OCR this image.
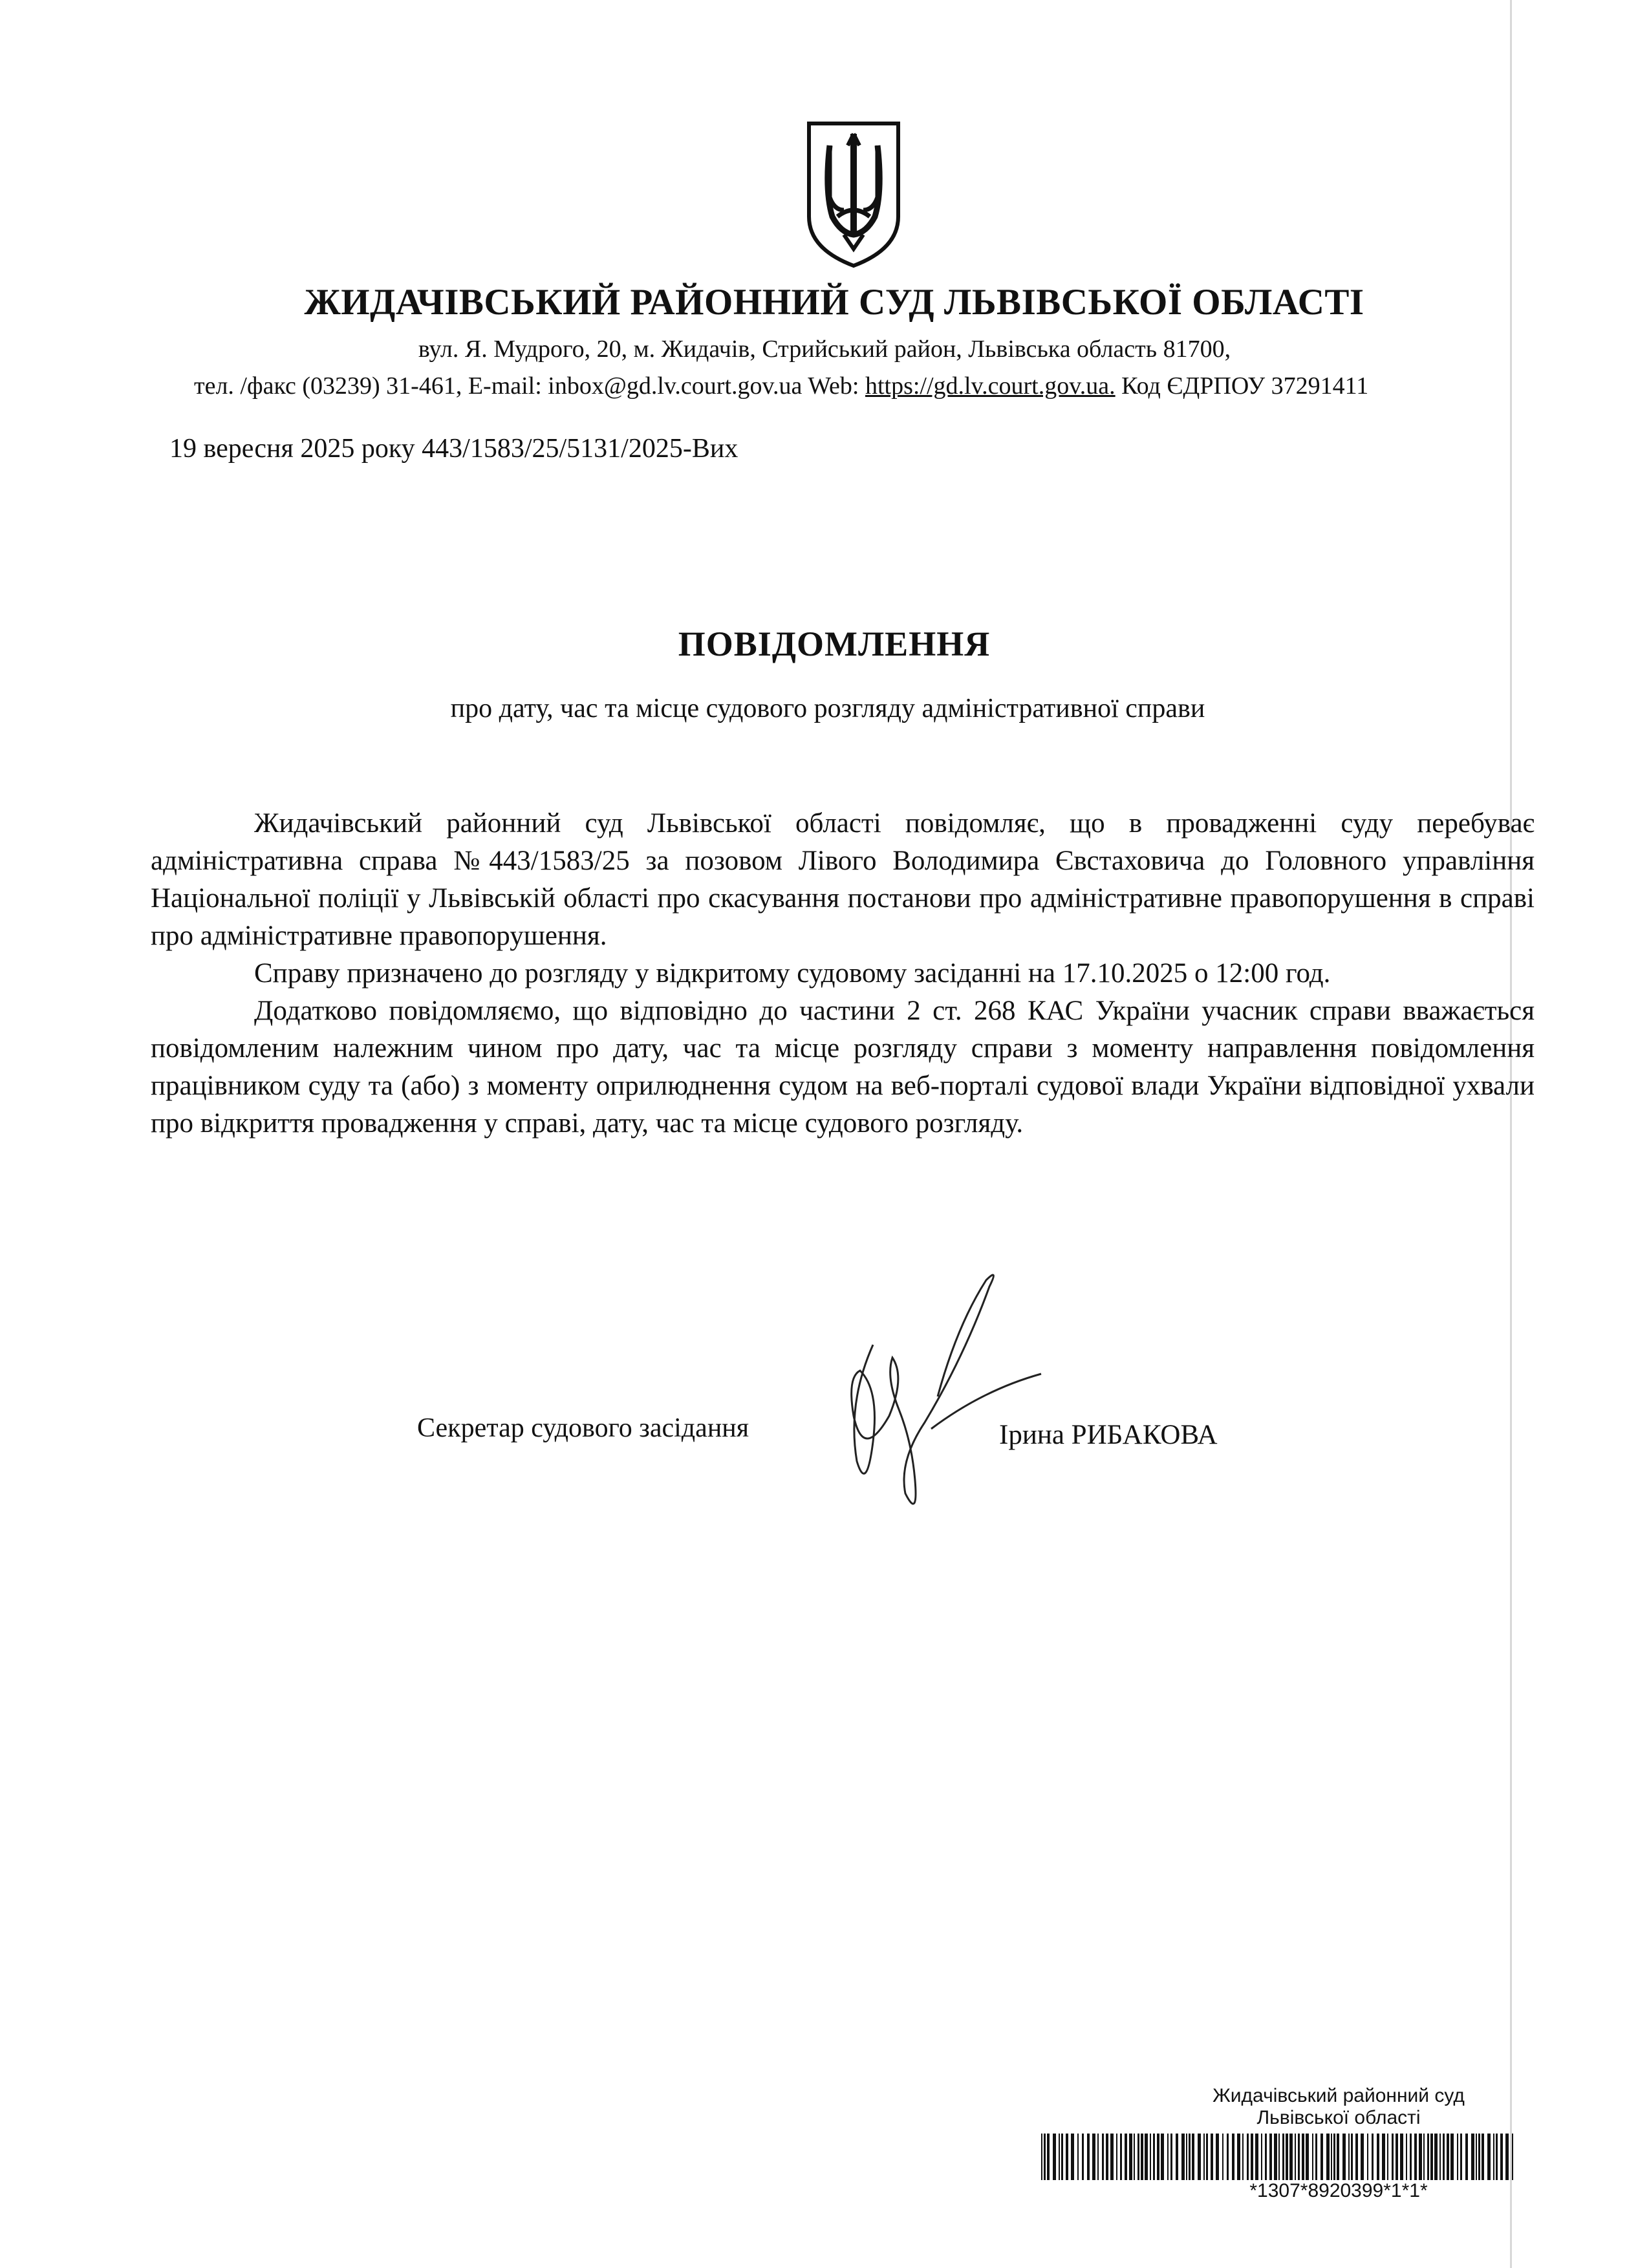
ЖИДАЧІВСЬКИЙ РАЙОННИЙ СУД ЛЬВІВСЬКОЇ ОБЛАСТІ
вул. Я. Мудрого, 20, м. Жидачів, Стрийський район, Львівська область 81700,
тел. /факс (03239) 31-461, E-mail: inbox@gd.lv.court.gov.ua Web: https://gd.lv.court.gov.ua. Код ЄДРПОУ 37291411
19 вересня 2025 року 443/1583/25/5131/2025-Вих
ПОВІДОМЛЕННЯ
про дату, час та місце судового розгляду адміністративної справи

Жидачівський районний суд Львівської області повідомляє, що в провадженні суду перебуває адміністративна справа №443/1583/25 за позовом Лівого Володимира Євстаховича до Головного управління Національної поліції у Львівській області про скасування постанови про адміністративне правопорушення в справі про адміністративне правопорушення.

Справу призначено до розгляду у відкритому судовому засіданні на 17.10.2025 о 12:00 год.

Додатково повідомляємо, що відповідно до частини 2 ст. 268 КАС України учасник справи вважається повідомленим належним чином про дату, час та місце розгляду справи з моменту направлення повідомлення працівником суду та (або) з моменту оприлюднення судом на веб-порталі судової влади України відповідної ухвали про відкриття провадження у справі, дату, час та місце судового розгляду.

Секретар судового засідання	Ірина РИБАКОВА
Жидачівський районний суд
Львівської області
*1307*8920399*1*1*
